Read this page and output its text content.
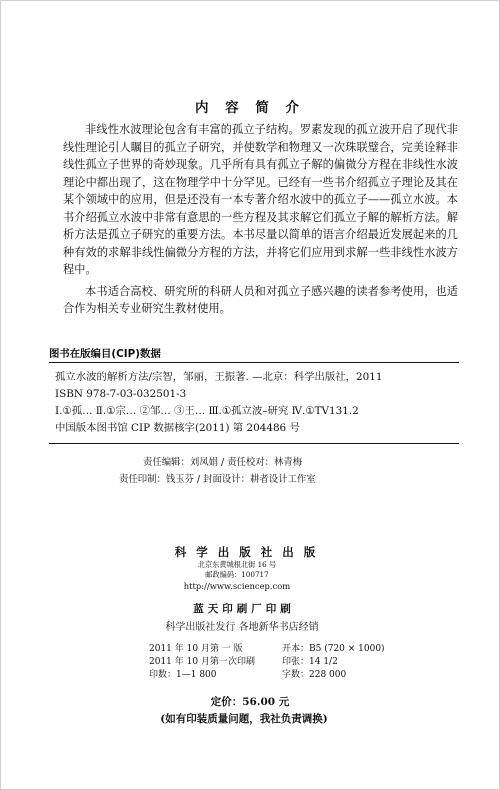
内 容 简 介

非线性水波理论包含有丰富的孤立子结构。罗素发现的孤立波开启了现代非线性理论引人瞩目的孤立子研究，并使数学和物理又一次珠联璧合，完美诠释非线性孤立子世界的奇妙现象。几乎所有具有孤立子解的偏微分方程在非线性水波理论中都出现了，这在物理学中十分罕见。已经有一些书介绍孤立子理论及其在某个领域中的应用，但是还没有一本专著介绍水波中的孤立子——孤立水波。本书介绍孤立水波中非常有意思的一些方程及其求解它们孤立子解的解析方法。解析方法是孤立子研究的重要方法。本书尽量以简单的语言介绍最近发展起来的几种有效的求解非线性偏微分方程的方法，并将它们应用到求解一些非线性水波方程中。

本书适合高校、研究所的科研人员和对孤立子感兴趣的读者参考使用，也适合作为相关专业研究生教材使用。

图书在版编目(CIP)数据
孤立水波的解析方法/宗智，邹丽，王振著. —北京：科学出版社，2011
ISBN 978-7-03-032501-3
Ⅰ.①孤… Ⅱ.①宗… ②邹… ③王… Ⅲ.①孤立波–研究 Ⅳ.①TV131.2
中国版本图书馆 CIP 数据核字(2011) 第 204486 号
责任编辑：刘凤娟 / 责任校对：林青梅
责任印制：钱玉芬 / 封面设计：耕者设计工作室
科学出版社出版
北京东黄城根北街 16 号
邮政编码：100717
http://www.sciencep.com
蓝天印刷厂印刷
科学出版社发行 各地新华书店经销
2011 年 10 月第 一 版	开本：B5 (720 × 1000)
2011 年 10 月第一次印刷	印张：14 1/2
印数：1—1 800	字数：228 000
定价：56.00 元
(如有印装质量问题，我社负责调换)
